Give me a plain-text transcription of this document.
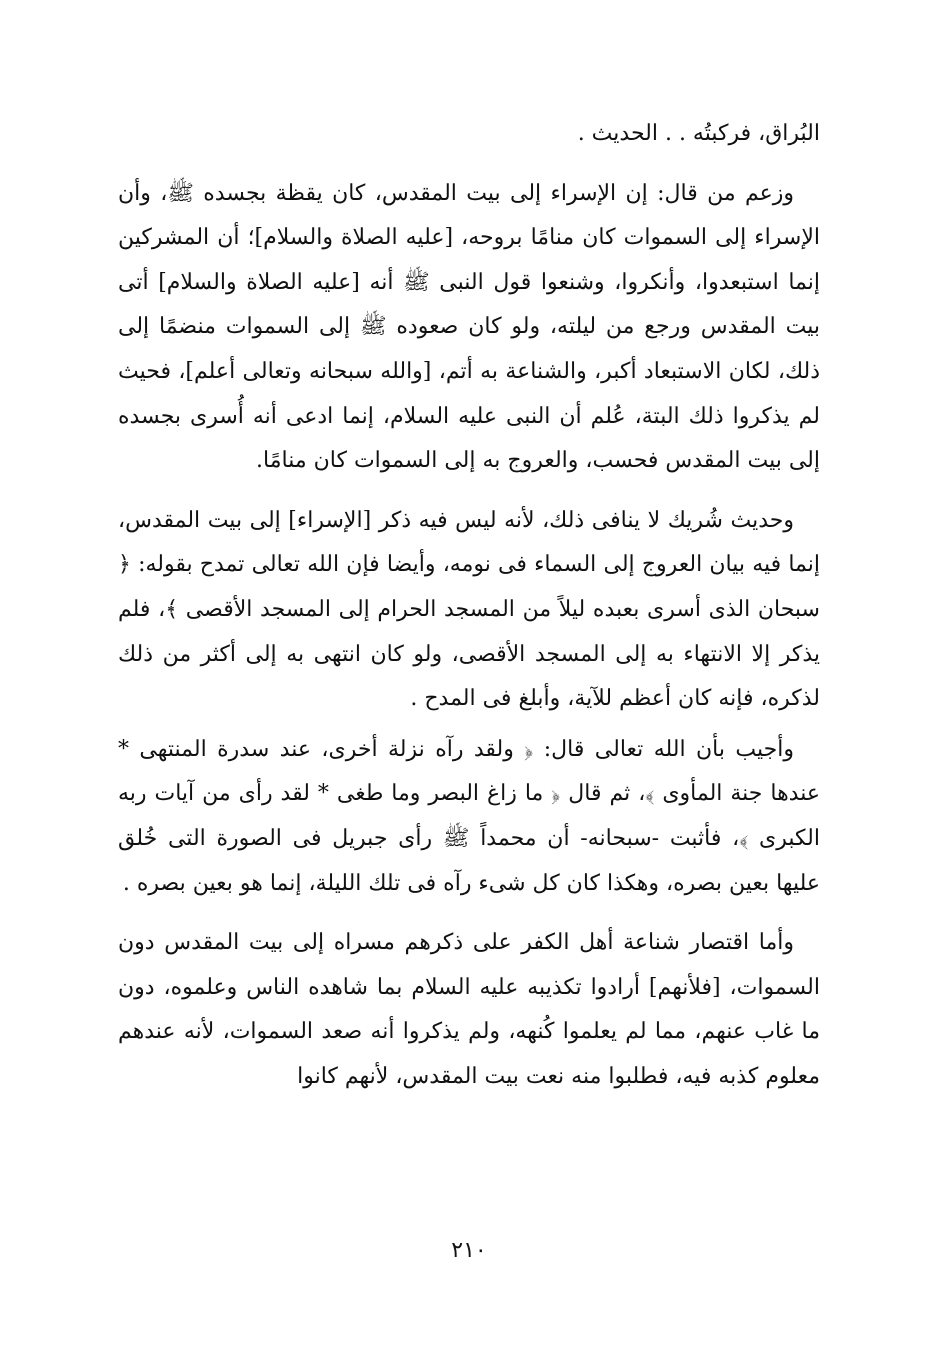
البُراق، فركبتُه . . الحديث .

وزعم من قال: إن الإسراء إلى بيت المقدس، كان يقظة بجسده ﷺ، وأن الإسراء إلى السموات كان منامًا بروحه، [عليه الصلاة والسلام]؛ أن المشركين إنما استبعدوا، وأنكروا، وشنعوا قول النبى ﷺ أنه [عليه الصلاة والسلام] أتى بيت المقدس ورجع من ليلته، ولو كان صعوده ﷺ إلى السموات منضمًا إلى ذلك، لكان الاستبعاد أكبر، والشناعة به أتم، [والله سبحانه وتعالى أعلم]، فحيث لم يذكروا ذلك البتة، عُلم أن النبى عليه السلام، إنما ادعى أنه أُسرى بجسده إلى بيت المقدس فحسب، والعروج به إلى السموات كان منامًا.

وحديث شُريك لا ينافى ذلك، لأنه ليس فيه ذكر [الإسراء] إلى بيت المقدس، إنما فيه بيان العروج إلى السماء فى نومه، وأيضا فإن الله تعالى تمدح بقوله: ﴿ سبحان الذى أسرى بعبده ليلاً من المسجد الحرام إلى المسجد الأقصى ﴾، فلم يذكر إلا الانتهاء به إلى المسجد الأقصى، ولو كان انتهى به إلى أكثر من ذلك لذكره، فإنه كان أعظم للآية، وأبلغ فى المدح .

وأجيب بأن الله تعالى قال: ﴿ ولقد رآه نزلة أخرى، عند سدرة المنتهى * عندها جنة المأوى ﴾، ثم قال ﴿ ما زاغ البصر وما طغى * لقد رأى من آيات ربه الكبرى ﴾، فأثبت -سبحانه- أن محمداً ﷺ رأى جبريل فى الصورة التى خُلق عليها بعين بصره، وهكذا كان كل شىء رآه فى تلك الليلة، إنما هو بعين بصره .

وأما اقتصار شناعة أهل الكفر على ذكرهم مسراه إلى بيت المقدس دون السموات، [فلأنهم] أرادوا تكذيبه عليه السلام بما شاهده الناس وعلموه، دون ما غاب عنهم، مما لم يعلموا كُنهه، ولم يذكروا أنه صعد السموات، لأنه عندهم معلوم كذبه فيه، فطلبوا منه نعت بيت المقدس، لأنهم كانوا

٢١٠
